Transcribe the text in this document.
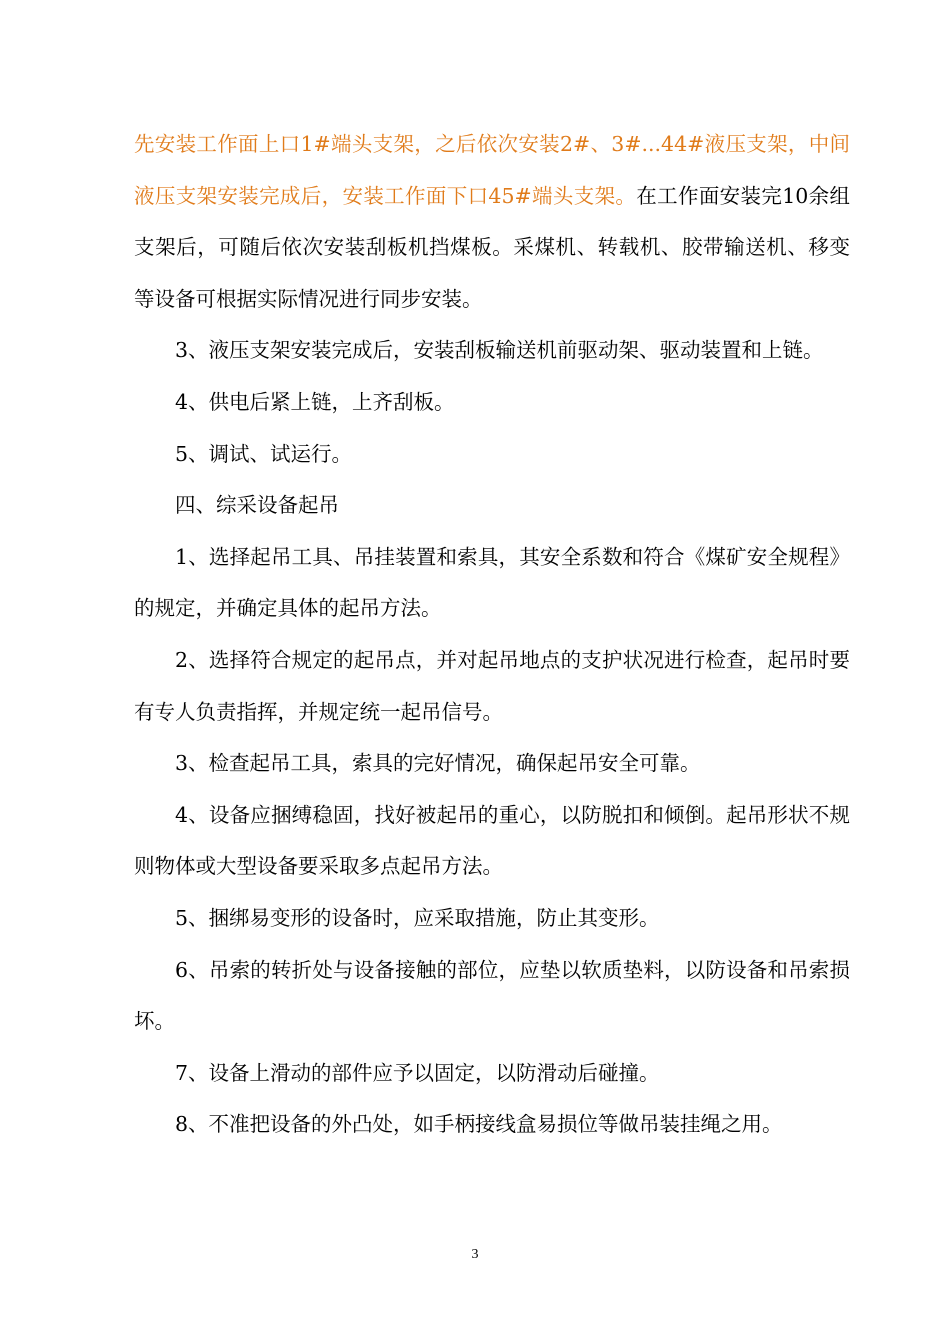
先安装工作面上口1#端头支架，之后依次安装2#、3#...44#液压支架，中间液压支架安装完成后，安装工作面下口45#端头支架。在工作面安装完10余组支架后，可随后依次安装刮板机挡煤板。采煤机、转载机、胶带输送机、移变等设备可根据实际情况进行同步安装。

3、液压支架安装完成后，安装刮板输送机前驱动架、驱动装置和上链。

4、供电后紧上链，上齐刮板。

5、调试、试运行。

四、综采设备起吊

1、选择起吊工具、吊挂装置和索具，其安全系数和符合《煤矿安全规程》的规定，并确定具体的起吊方法。

2、选择符合规定的起吊点，并对起吊地点的支护状况进行检查，起吊时要有专人负责指挥，并规定统一起吊信号。

3、检查起吊工具，索具的完好情况，确保起吊安全可靠。

4、设备应捆缚稳固，找好被起吊的重心，以防脱扣和倾倒。起吊形状不规则物体或大型设备要采取多点起吊方法。

5、捆绑易变形的设备时，应采取措施，防止其变形。

6、吊索的转折处与设备接触的部位，应垫以软质垫料，以防设备和吊索损坏。

7、设备上滑动的部件应予以固定，以防滑动后碰撞。

8、不准把设备的外凸处，如手柄接线盒易损位等做吊装挂绳之用。

3
